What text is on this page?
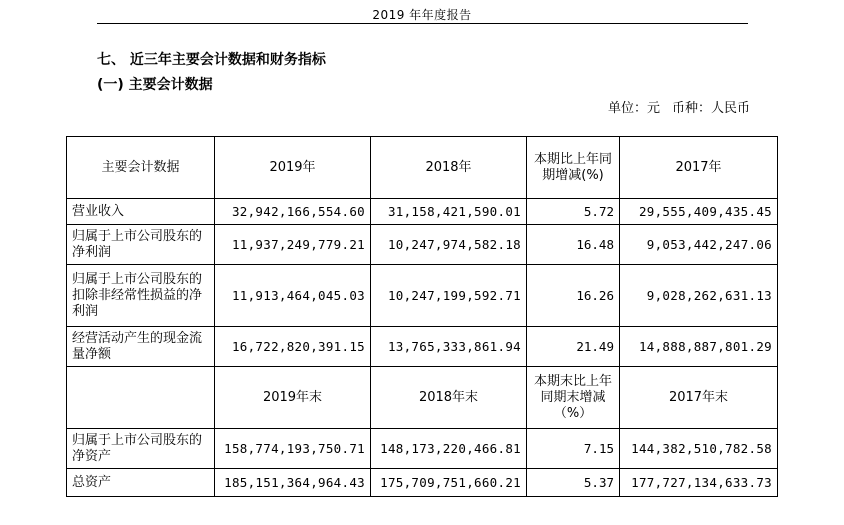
2019 年年度报告
七、 近三年主要会计数据和财务指标
(一) 主要会计数据
单位：元 币种：人民币
主要会计数据	2019年	2018年	本期比上年同期增减(%)	2017年
营业收入	32,942,166,554.60	31,158,421,590.01	5.72	29,555,409,435.45
归属于上市公司股东的净利润	11,937,249,779.21	10,247,974,582.18	16.48	9,053,442,247.06
归属于上市公司股东的扣除非经常性损益的净利润	11,913,464,045.03	10,247,199,592.71	16.26	9,028,262,631.13
经营活动产生的现金流量净额	16,722,820,391.15	13,765,333,861.94	21.49	14,888,887,801.29
	2019年末	2018年末	本期末比上年同期末增减（%）	2017年末
归属于上市公司股东的净资产	158,774,193,750.71	148,173,220,466.81	7.15	144,382,510,782.58
总资产	185,151,364,964.43	175,709,751,660.21	5.37	177,727,134,633.73
